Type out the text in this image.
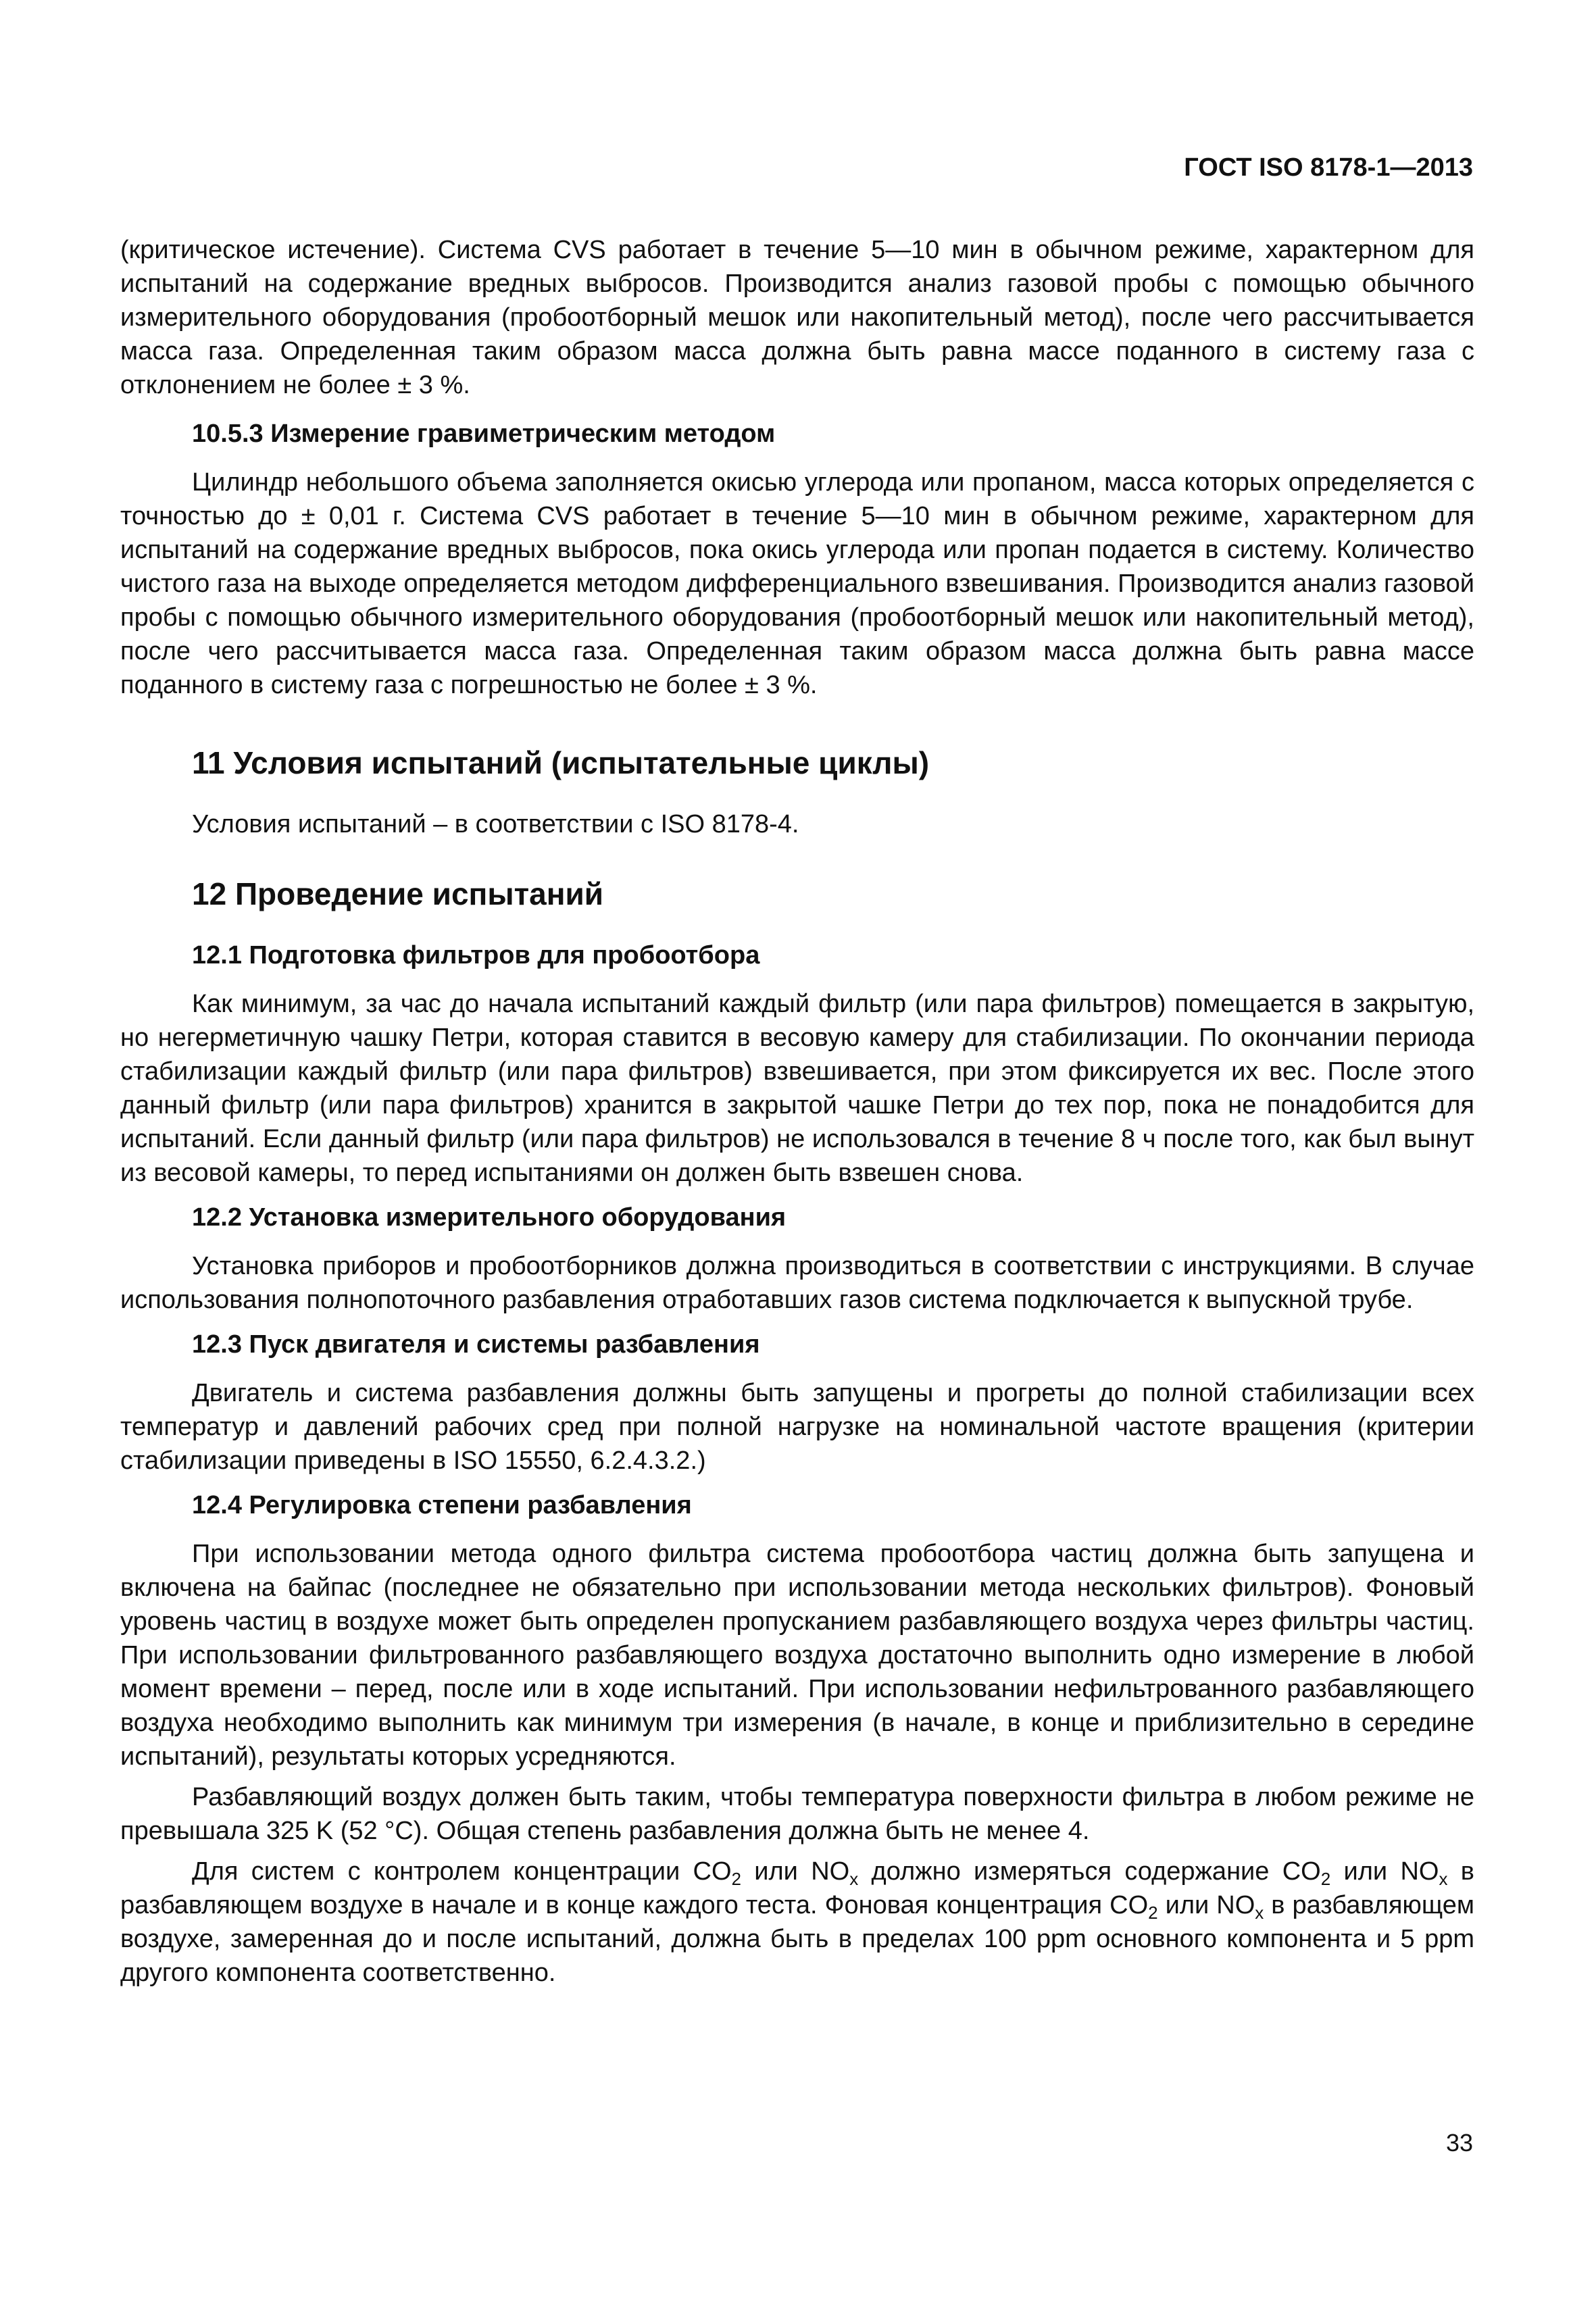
ГОСТ ISO 8178-1—2013

(критическое истечение). Система CVS работает в течение 5—10 мин в обычном режиме, характерном для испытаний на содержание вредных выбросов. Производится анализ газовой пробы с помощью обычного измерительного оборудования (пробоотборный мешок или накопительный метод), после чего рассчитывается масса газа. Определенная таким образом масса должна быть равна массе поданного в систему газа с отклонением не более ± 3 %.

10.5.3 Измерение гравиметрическим методом

Цилиндр небольшого объема заполняется окисью углерода или пропаном, масса которых определяется с точностью до ± 0,01 г. Система CVS работает в течение 5—10 мин в обычном режиме, характерном для испытаний на содержание вредных выбросов, пока окись углерода или пропан подается в систему. Количество чистого газа на выходе определяется методом дифференциального взвешивания. Производится анализ газовой пробы с помощью обычного измерительного оборудования (пробоотборный мешок или накопительный метод), после чего рассчитывается масса газа. Определенная таким образом масса должна быть равна массе поданного в систему газа с погрешностью не более ± 3 %.

11 Условия испытаний (испытательные циклы)

Условия испытаний – в соответствии с ISO 8178-4.

12 Проведение испытаний
12.1 Подготовка фильтров для пробоотбора

Как минимум, за час до начала испытаний каждый фильтр (или пара фильтров) помещается в закрытую, но негерметичную чашку Петри, которая ставится в весовую камеру для стабилизации. По окончании периода стабилизации каждый фильтр (или пара фильтров) взвешивается, при этом фиксируется их вес. После этого данный фильтр (или пара фильтров) хранится в закрытой чашке Петри до тех пор, пока не понадобится для испытаний. Если данный фильтр (или пара фильтров) не использовался в течение 8 ч после того, как был вынут из весовой камеры, то перед испытаниями он должен быть взвешен снова.

12.2 Установка измерительного оборудования

Установка приборов и пробоотборников должна производиться в соответствии с инструкциями. В случае использования полнопоточного разбавления отработавших газов система подключается к выпускной трубе.

12.3 Пуск двигателя и системы разбавления

Двигатель и система разбавления должны быть запущены и прогреты до полной стабилизации всех температур и давлений рабочих сред при полной нагрузке на номинальной частоте вращения (критерии стабилизации приведены в ISO 15550, 6.2.4.3.2.)

12.4 Регулировка степени разбавления

При использовании метода одного фильтра система пробоотбора частиц должна быть запущена и включена на байпас (последнее не обязательно при использовании метода нескольких фильтров). Фоновый уровень частиц в воздухе может быть определен пропусканием разбавляющего воздуха через фильтры частиц. При использовании фильтрованного разбавляющего воздуха достаточно выполнить одно измерение в любой момент времени – перед, после или в ходе испытаний. При использовании нефильтрованного разбавляющего воздуха необходимо выполнить как минимум три измерения (в начале, в конце и приблизительно в середине испытаний), результаты которых усредняются.

Разбавляющий воздух должен быть таким, чтобы температура поверхности фильтра в любом режиме не превышала 325 K (52 °C). Общая степень разбавления должна быть не менее 4.

Для систем с контролем концентрации $CO_2$ или $NO_x$ должно измеряться содержание $CO_2$ или $NO_x$ в разбавляющем воздухе в начале и в конце каждого теста. Фоновая концентрация $CO_2$ или $NO_x$ в разбавляющем воздухе, замеренная до и после испытаний, должна быть в пределах 100 ppm основного компонента и 5 ppm другого компонента соответственно.

33
